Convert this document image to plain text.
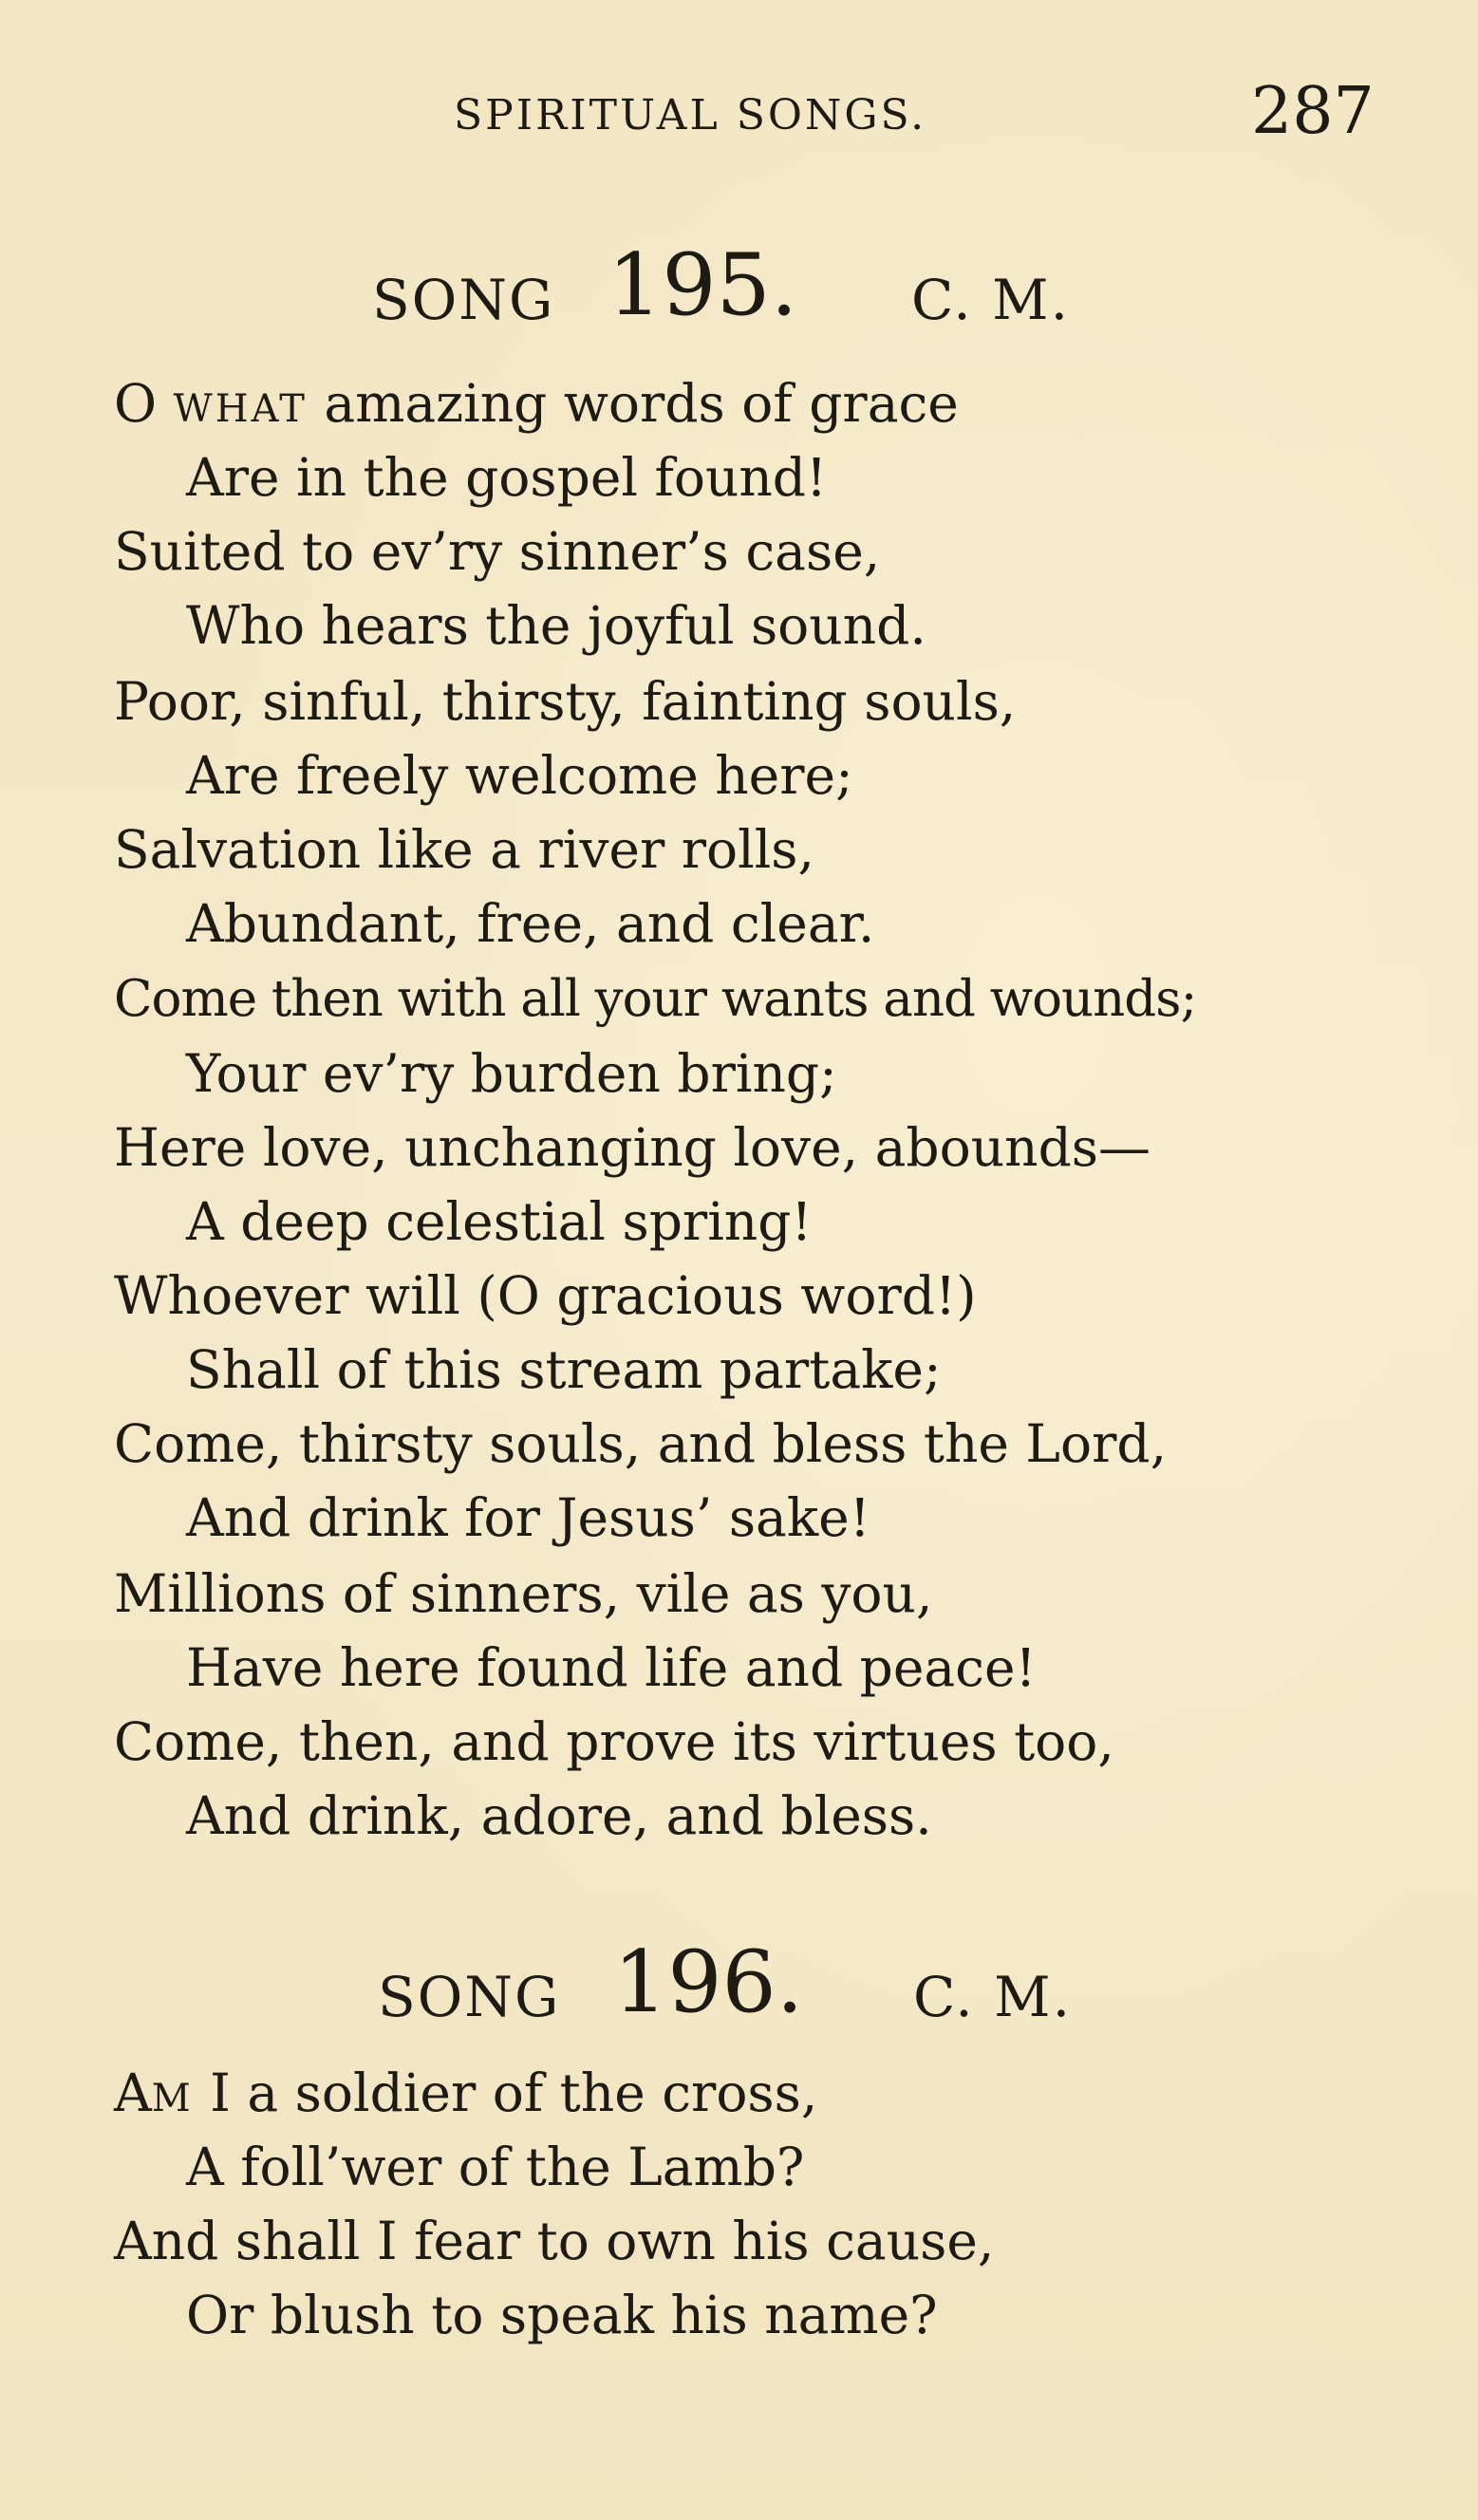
SPIRITUAL SONGS.	287
SONG 195. C. M.
O WHAT amazing words of grace
Are in the gospel found!
Suited to ev’ry sinner’s case,
Who hears the joyful sound.
Poor, sinful, thirsty, fainting souls,
Are freely welcome here;
Salvation like a river rolls,
Abundant, free, and clear.
Come then with all your wants and wounds;
Your ev’ry burden bring;
Here love, unchanging love, abounds—
A deep celestial spring!
Whoever will (O gracious word!)
Shall of this stream partake;
Come, thirsty souls, and bless the Lord,
And drink for Jesus’ sake!
Millions of sinners, vile as you,
Have here found life and peace!
Come, then, and prove its virtues too,
And drink, adore, and bless.
SONG 196. C. M.
AM I a soldier of the cross,
A foll’wer of the Lamb?
And shall I fear to own his cause,
Or blush to speak his name?
